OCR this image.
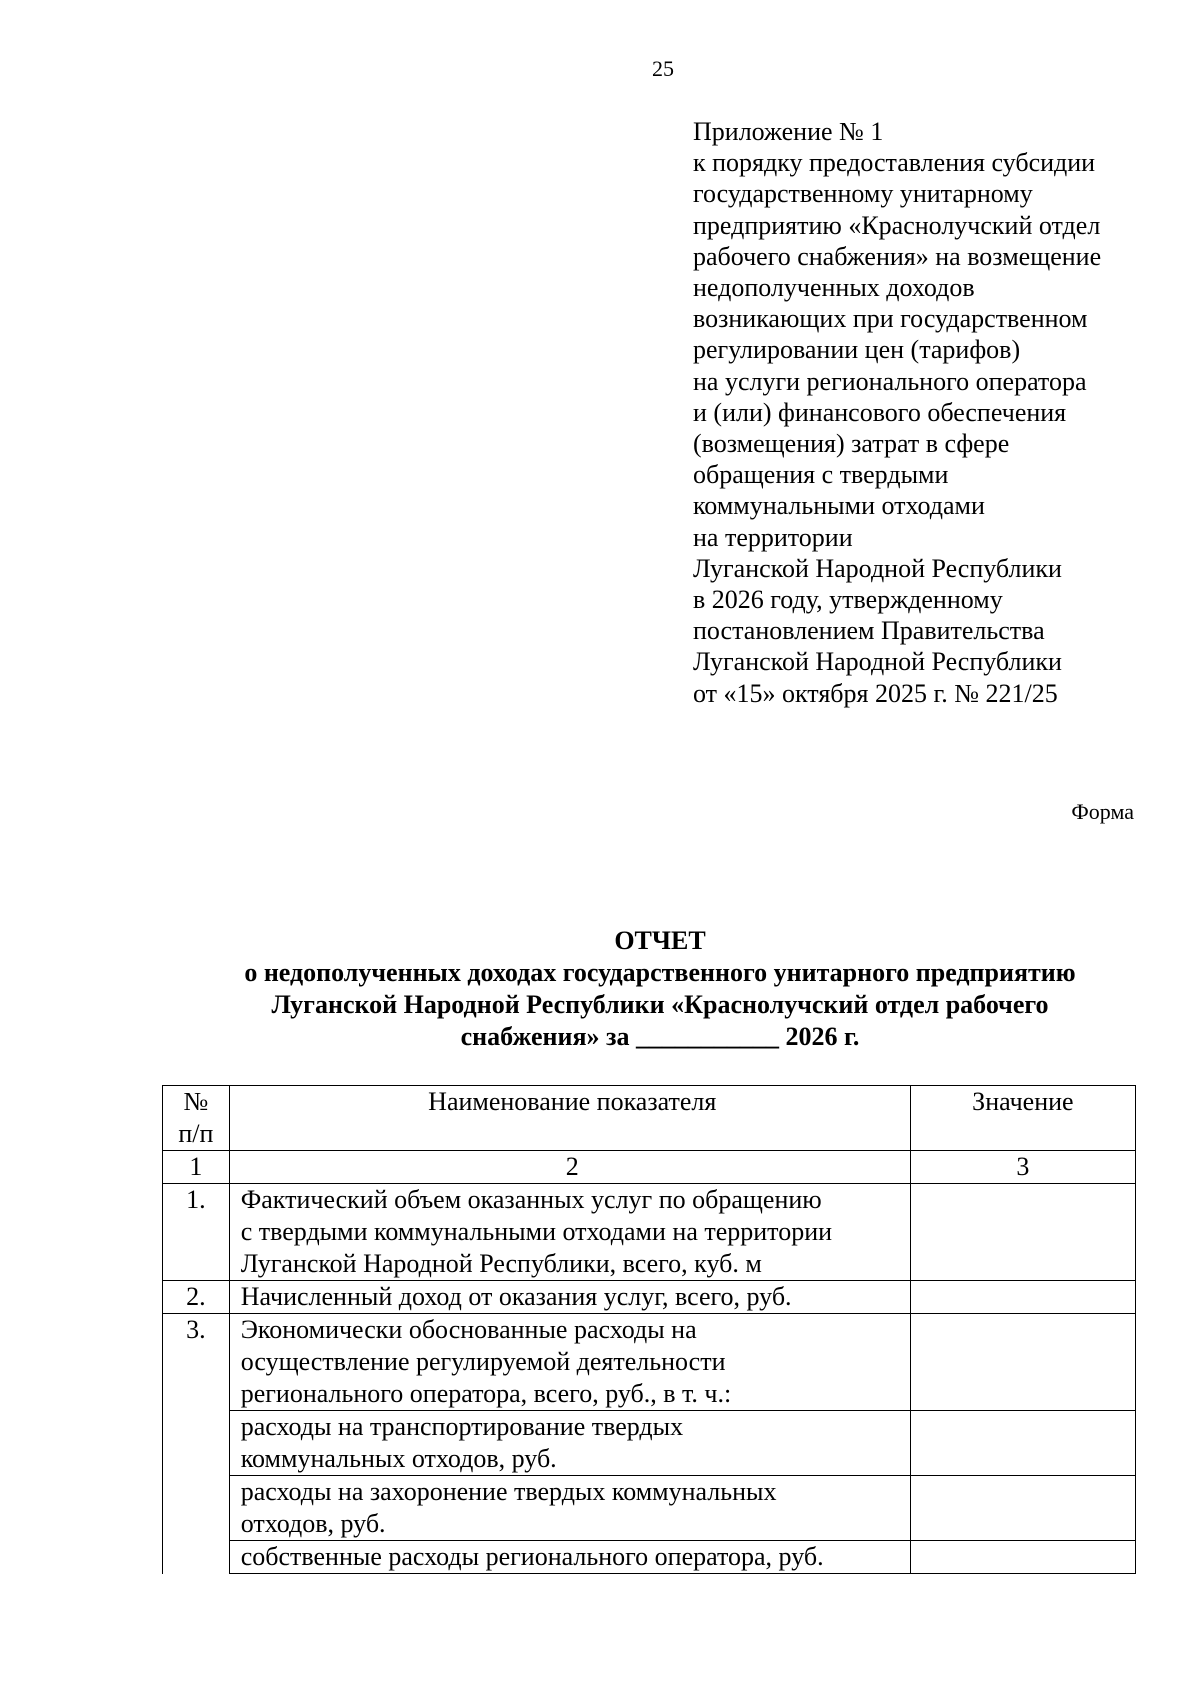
25
Приложение № 1
к порядку предоставления субсидии
государственному унитарному
предприятию «Краснолучский отдел
рабочего снабжения» на возмещение
недополученных доходов
возникающих при государственном
регулировании цен (тарифов)
на услуги регионального оператора
и (или) финансового обеспечения
(возмещения) затрат в сфере
обращения с твердыми
коммунальными отходами
на территории
Луганской Народной Республики
в 2026 году, утвержденному
постановлением Правительства
Луганской Народной Республики
от «15» октября 2025 г. № 221/25
Форма
ОТЧЕТ
о недополученных доходах государственного унитарного предприятию
Луганской Народной Республики «Краснолучский отдел рабочего
снабжения» за ___________ 2026 г.
№
п/п	Наименование показателя	Значение
1	2	3
1.	Фактический объем оказанных услуг по обращению
с твердыми коммунальными отходами на территории
Луганской Народной Республики, всего, куб. м	

2.	Начисленный доход от оказания услуг, всего, руб.	

3.	Экономически обоснованные расходы на
осуществление регулируемой деятельности
регионального оператора, всего, руб., в т. ч.:	

	расходы на транспортирование твердых
коммунальных отходов, руб.	

	расходы на захоронение твердых коммунальных
отходов, руб.	

	собственные расходы регионального оператора, руб.	
